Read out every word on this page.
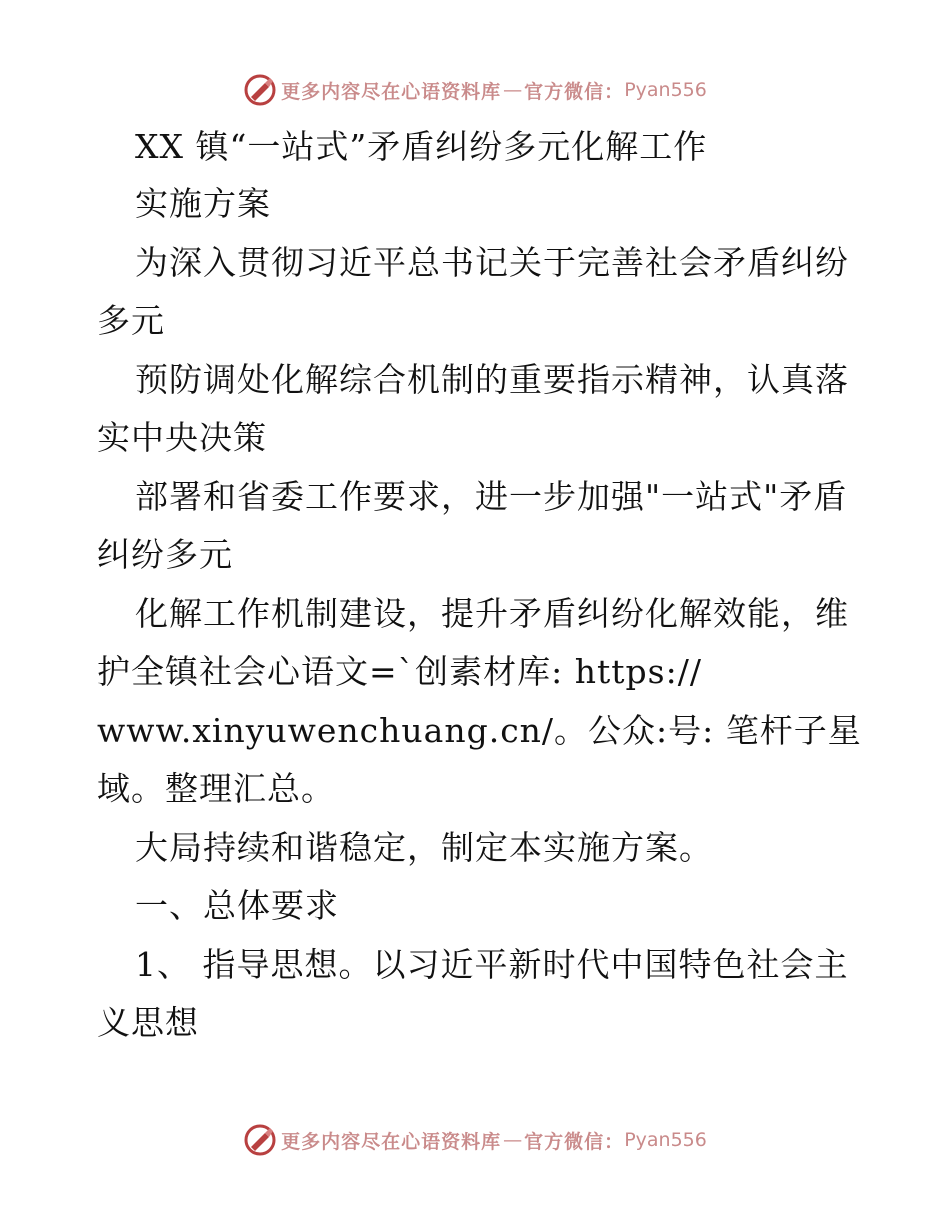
更多内容尽在心语资料库 — 官方微信： Pyan556
XX 镇“一站式”矛盾纠纷多元化解工作
实施方案
为深入贯彻习近平总书记关于完善社会矛盾纠纷
多元
预防调处化解综合机制的重要指示精神，认真落
实中央决策
部署和省委工作要求，进一步加强"一站式"矛盾
纠纷多元
化解工作机制建设，提升矛盾纠纷化解效能，维
护全镇社会心语文=`创素材库: https://
www.xinyuwenchuang.cn/。公众:号: 笔杆子星
域。整理汇总。
大局持续和谐稳定，制定本实施方案。
一、总体要求
1、 指导思想。以习近平新时代中国特色社会主
义思想
更多内容尽在心语资料库 — 官方微信： Pyan556
